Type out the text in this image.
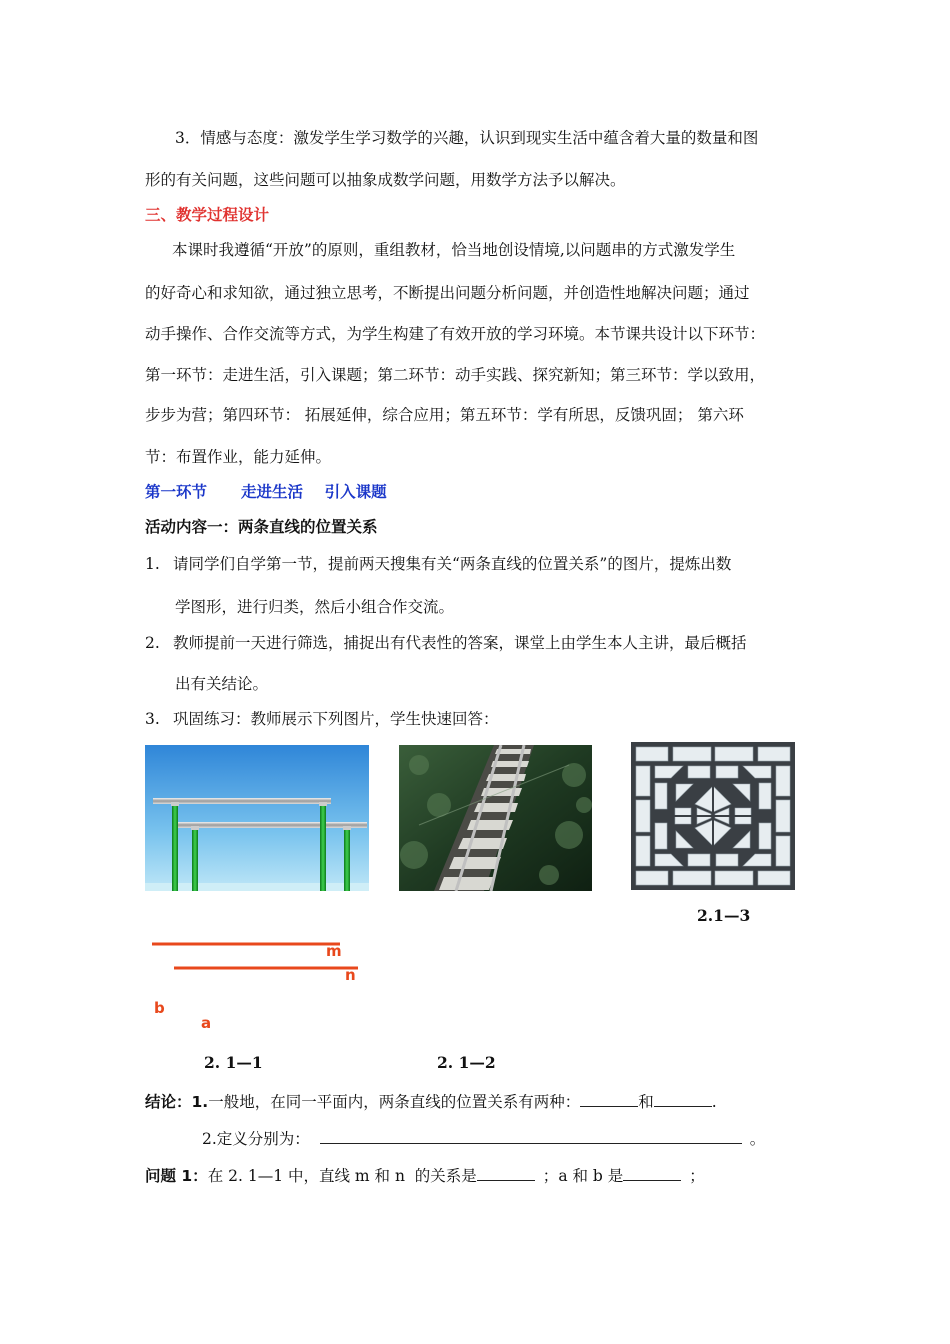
3．情感与态度：激发学生学习数学的兴趣，认识到现实生活中蕴含着大量的数量和图
形的有关问题，这些问题可以抽象成数学问题，用数学方法予以解决。
三、教学过程设计
本课时我遵循“开放”的原则，重组教材，恰当地创设情境,以问题串的方式激发学生
的好奇心和求知欲，通过独立思考，不断提出问题分析问题，并创造性地解决问题；通过
动手操作、合作交流等方式，为学生构建了有效开放的学习环境。本节课共设计以下环节：
第一环节：走进生活，引入课题；第二环节：动手实践、探究新知；第三环节：学以致用，
步步为营；第四环节： 拓展延伸，综合应用；第五环节：学有所思，反馈巩固； 第六环
节：布置作业，能力延伸。
第一环节 走进生活    引入课题
活动内容一：两条直线的位置关系
1. 请同学们自学第一节，提前两天搜集有关“两条直线的位置关系”的图片，提炼出数
学图形，进行归类，然后小组合作交流。
2. 教师提前一天进行筛选，捕捉出有代表性的答案，课堂上由学生本人主讲，最后概括
出有关结论。
3. 巩固练习：教师展示下列图片，学生快速回答：
2.1—3
m
n
b
a
2. 1—1	2. 1—2
结论：1.一般地，在同一平面内，两条直线的位置关系有两种：	和	.
2.定义分别为：	。
问题 1：在 2. 1—1 中，直线 m 和 n  的关系是	；a 和 b 是	；
